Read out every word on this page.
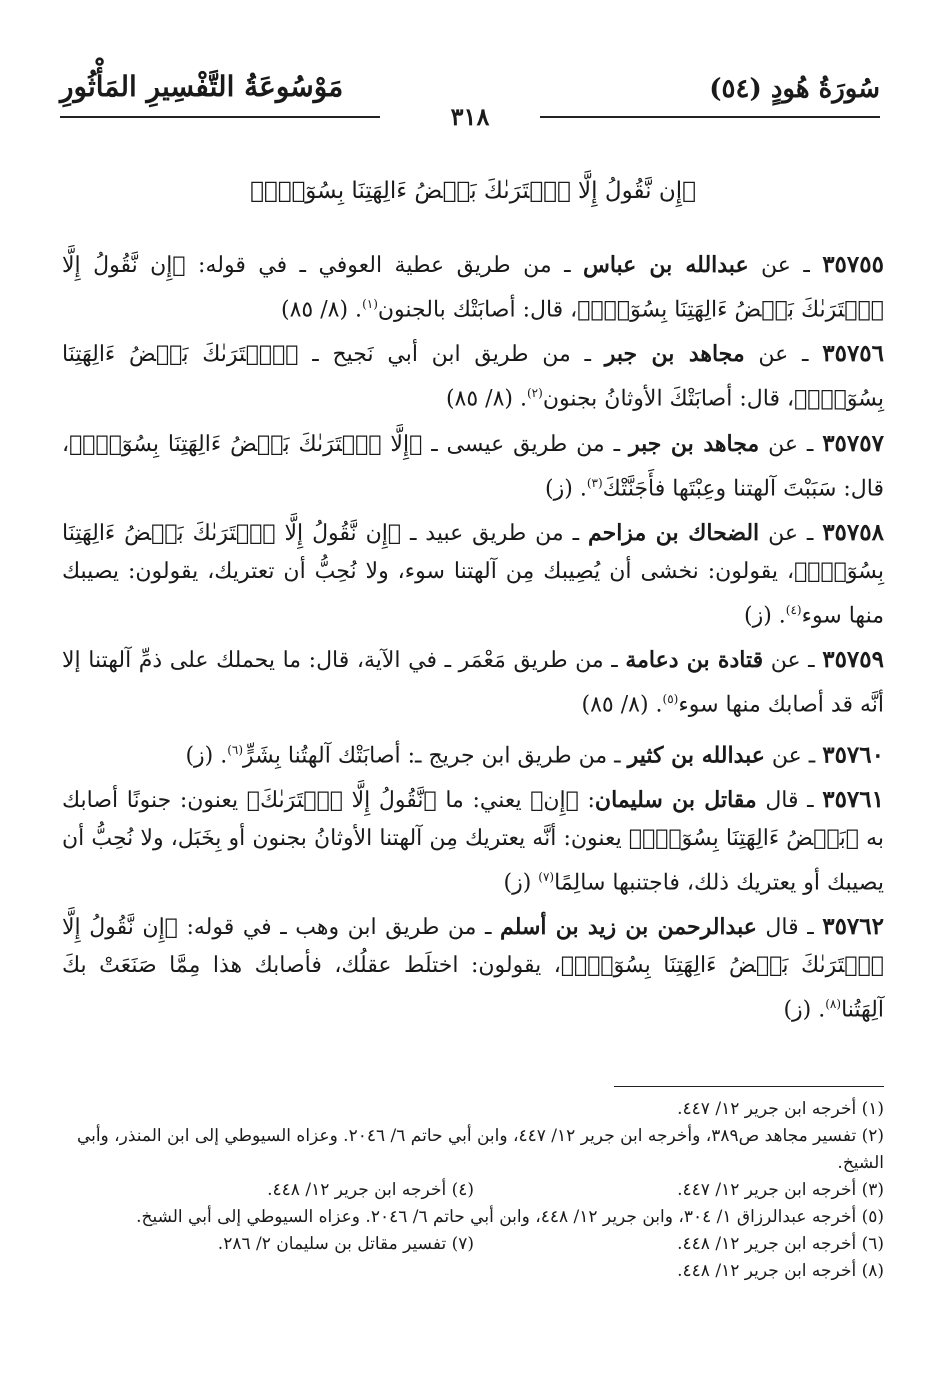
سُورَةُ هُودٍ (٥٤)
مَوْسُوعَةُ التَّفْسِيرِ المَأْثُورِ
٣١٨
﴿إِن نَّقُولُ إِلَّا ٱعۡتَرَىٰكَ بَعۡضُ ءَالِهَتِنَا بِسُوٓءٍۗ﴾

٣٥٧٥٥ ـ عن عبدالله بن عباس ـ من طريق عطية العوفي ـ في قوله: ﴿إِن نَّقُولُ إِلَّا ٱعۡتَرَىٰكَ بَعۡضُ ءَالِهَتِنَا بِسُوٓءٍۗ﴾، قال: أصابَتْك بالجنون$^{(١)}$. (٨/ ٨٥)

٣٥٧٥٦ ـ عن مجاهد بن جبر ـ من طريق ابن أبي نَجيح ـ ﴿ٱعۡتَرَىٰكَ بَعۡضُ ءَالِهَتِنَا بِسُوٓءٍۗ﴾، قال: أصابَتْكَ الأوثانُ بجنون$^{(٢)}$. (٨/ ٨٥)

٣٥٧٥٧ ـ عن مجاهد بن جبر ـ من طريق عيسى ـ ﴿إِلَّا ٱعۡتَرَىٰكَ بَعۡضُ ءَالِهَتِنَا بِسُوٓءٍۗ﴾، قال: سَبَبْتَ آلهتنا وعِبْتَها فأَجَنَّتْكَ$^{(٣)}$. (ز)

٣٥٧٥٨ ـ عن الضحاك بن مزاحم ـ من طريق عبيد ـ ﴿إِن نَّقُولُ إِلَّا ٱعۡتَرَىٰكَ بَعۡضُ ءَالِهَتِنَا بِسُوٓءٍۗ﴾، يقولون: نخشى أن يُصِيبك مِن آلهتنا سوء، ولا نُحِبُّ أن تعتريك، يقولون: يصيبك منها سوء$^{(٤)}$. (ز)

٣٥٧٥٩ ـ عن قتادة بن دعامة ـ من طريق مَعْمَر ـ في الآية، قال: ما يحملك على ذمِّ آلهتنا إلا أنَّه قد أصابك منها سوء$^{(٥)}$. (٨/ ٨٥)

٣٥٧٦٠ ـ عن عبدالله بن كثير ـ من طريق ابن جريج ـ: أصابَتْك آلهتُنا بِشَرٍّ$^{(٦)}$. (ز)

٣٥٧٦١ ـ قال مقاتل بن سليمان: ﴿إِن﴾ يعني: ما ﴿نَّقُولُ إِلَّا ٱعۡتَرَىٰكَ﴾ يعنون: جنونًا أصابك به ﴿بَعۡضُ ءَالِهَتِنَا بِسُوٓءٍۗ﴾ يعنون: أنَّه يعتريك مِن آلهتنا الأوثانُ بجنون أو بِخَبَل، ولا نُحِبُّ أن يصيبك أو يعتريك ذلك، فاجتنبها سالِمًا$^{(٧)}$ (ز)

٣٥٧٦٢ ـ قال عبدالرحمن بن زيد بن أسلم ـ من طريق ابن وهب ـ في قوله: ﴿إِن نَّقُولُ إِلَّا ٱعۡتَرَىٰكَ بَعۡضُ ءَالِهَتِنَا بِسُوٓءٍۗ﴾، يقولون: اختلَط عقلُك، فأصابك هذا مِمَّا صَنَعَتْ بكَ آلِهَتُنا$^{(٨)}$. (ز)

(١) أخرجه ابن جرير ١٢/ ٤٤٧.

(٢) تفسير مجاهد ص٣٨٩، وأخرجه ابن جرير ١٢/ ٤٤٧، وابن أبي حاتم ٦/ ٢٠٤٦. وعزاه السيوطي إلى ابن المنذر، وأبي الشيخ.

(٣) أخرجه ابن جرير ١٢/ ٤٤٧.

(٤) أخرجه ابن جرير ١٢/ ٤٤٨.

(٥) أخرجه عبدالرزاق ١/ ٣٠٤، وابن جرير ١٢/ ٤٤٨، وابن أبي حاتم ٦/ ٢٠٤٦. وعزاه السيوطي إلى أبي الشيخ.

(٦) أخرجه ابن جرير ١٢/ ٤٤٨.

(٧) تفسير مقاتل بن سليمان ٢/ ٢٨٦.

(٨) أخرجه ابن جرير ١٢/ ٤٤٨.
